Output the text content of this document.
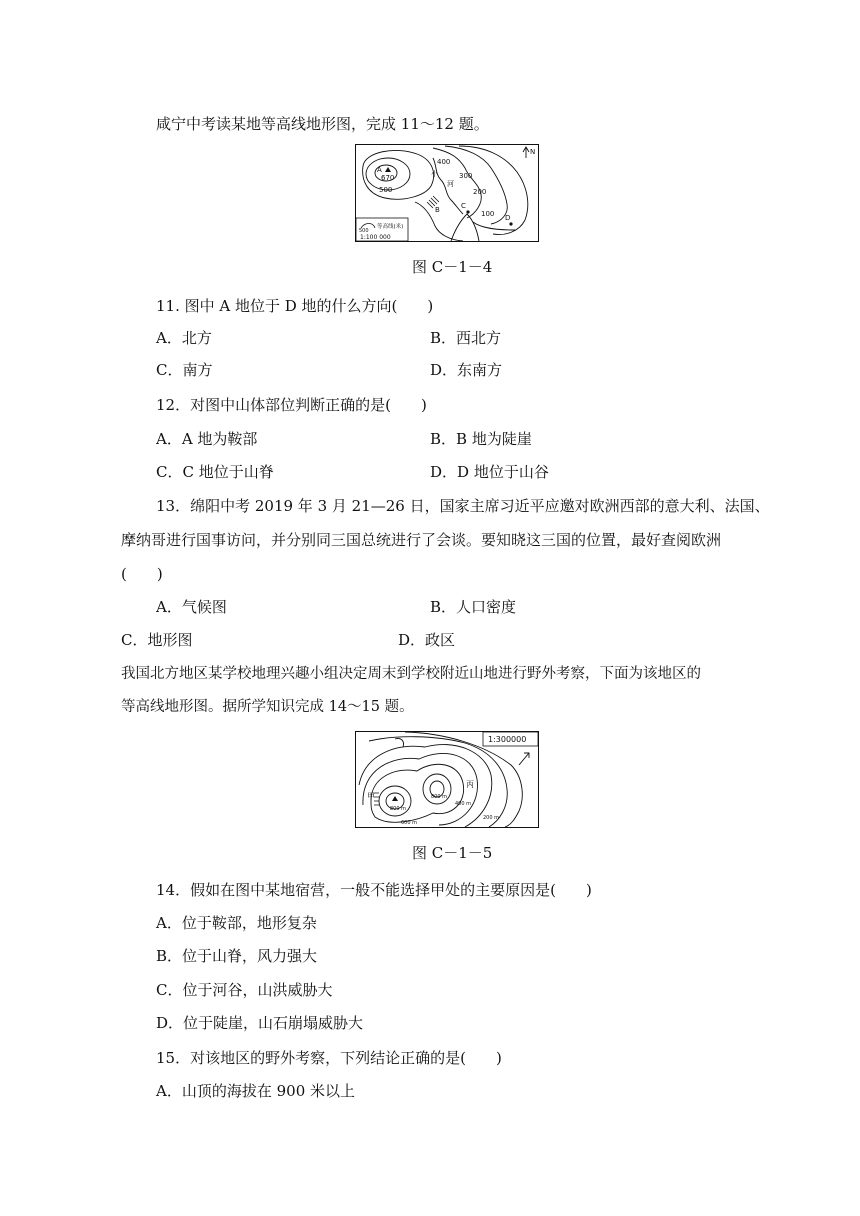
咸宁中考读某地等高线地形图，完成 11～12 题。
A
670
500
400
300
200
100
小
河
B	C
D
N
500
等高线(米)
1:100 000
图 C－1－4
11. 图中 A 地位于 D 地的什么方向(　　)
A．北方	B．西北方
C．南方	D．东南方
12．对图中山体部位判断正确的是(　　)
A．A 地为鞍部	B．B 地为陡崖
C．C 地位于山脊	D．D 地位于山谷
13．绵阳中考 2019 年 3 月 21—26 日，国家主席习近平应邀对欧洲西部的意大利、法国、
摩纳哥进行国事访问，并分别同三国总统进行了会谈。要知晓这三国的位置，最好查阅欧洲
(　　)
A．气候图	B．人口密度
C．地形图	D．政区
我国北方地区某学校地理兴趣小组决定周末到学校附近山地进行野外考察，下面为该地区的
等高线地形图。据所学知识完成 14～15 题。
1:300000
甲
丙
800 m
800 m
600 m
400 m
200 m
图 C－1－5
14．假如在图中某地宿营，一般不能选择甲处的主要原因是(　　)
A．位于鞍部，地形复杂
B．位于山脊，风力强大
C．位于河谷，山洪威胁大
D．位于陡崖，山石崩塌威胁大
15．对该地区的野外考察，下列结论正确的是(　　)
A．山顶的海拔在 900 米以上
